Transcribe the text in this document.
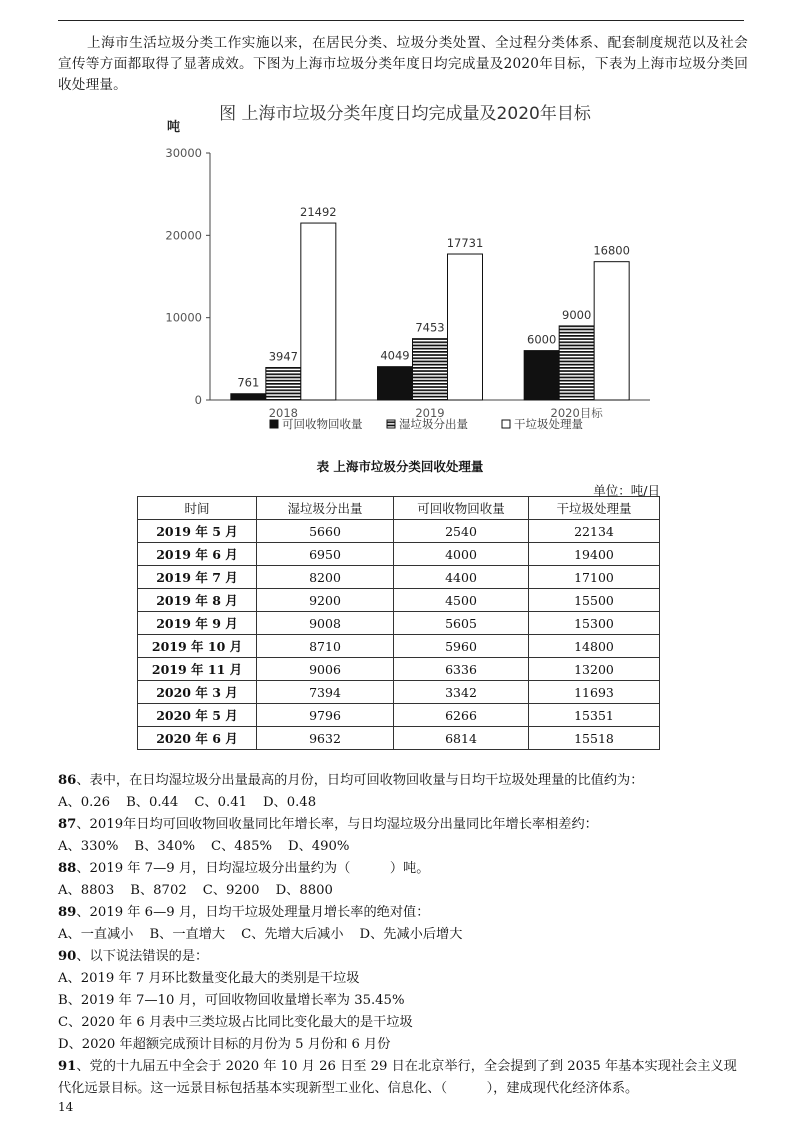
上海市生活垃圾分类工作实施以来，在居民分类、垃圾分类处置、全过程分类体系、配套制度规范以及社会宣传等方面都取得了显著成效。下图为上海市垃圾分类年度日均完成量及2020年目标，下表为上海市垃圾分类回收处理量。

图 上海市垃圾分类年度日均完成量及2020年目标
吨
0
10000
20000
30000
761
3947
21492
2018
4049
7453
17731
2019
6000
9000
16800
2020目标
可回收物回收量	湿垃圾分出量	干垃圾处理量
表 上海市垃圾分类回收处理量
单位：吨/日
时间	湿垃圾分出量	可回收物回收量	干垃圾处理量
2019 年 5 月	5660	2540	22134
2019 年 6 月	6950	4000	19400
2019 年 7 月	8200	4400	17100
2019 年 8 月	9200	4500	15500
2019 年 9 月	9008	5605	15300
2019 年 10 月	8710	5960	14800
2019 年 11 月	9006	6336	13200
2020 年 3 月	7394	3342	11693
2020 年 5 月	9796	6266	15351
2020 年 6 月	9632	6814	15518
86、表中，在日均湿垃圾分出量最高的月份，日均可回收物回收量与日均干垃圾处理量的比值约为：
A、0.26 B、0.44 C、0.41 D、0.48
87、2019年日均可回收物回收量同比年增长率，与日均湿垃圾分出量同比年增长率相差约：
A、330% B、340% C、485% D、490%
88、2019 年 7—9 月，日均湿垃圾分出量约为（　　　）吨。
A、8803 B、8702 C、9200 D、8800
89、2019 年 6—9 月，日均干垃圾处理量月增长率的绝对值：
A、一直减小 B、一直增大 C、先增大后减小 D、先减小后增大
90、以下说法错误的是：
A、2019 年 7 月环比数量变化最大的类别是干垃圾
B、2019 年 7—10 月，可回收物回收量增长率为 35.45%
C、2020 年 6 月表中三类垃圾占比同比变化最大的是干垃圾
D、2020 年超额完成预计目标的月份为 5 月份和 6 月份
91、党的十九届五中全会于 2020 年 10 月 26 日至 29 日在北京举行，全会提到了到 2035 年基本实现社会主义现代化远景目标。这一远景目标包括基本实现新型工业化、信息化、（　　　），建成现代化经济体系。
14
